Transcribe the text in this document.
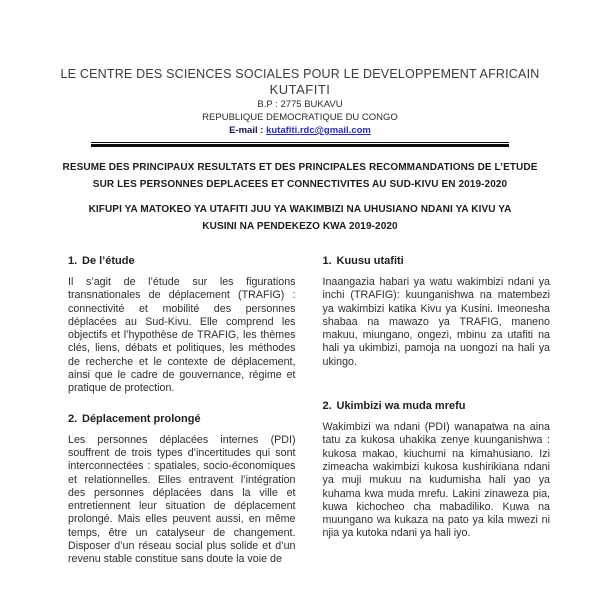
LE CENTRE DES SCIENCES SOCIALES POUR LE DEVELOPPEMENT AFRICAIN
KUTAFITI
B.P : 2775 BUKAVU
REPUBLIQUE DEMOCRATIQUE DU CONGO
E-mail : kutafiti.rdc@gmail.com
RESUME DES PRINCIPAUX RESULTATS ET DES PRINCIPALES RECOMMANDATIONS DE L’ETUDE
SUR LES PERSONNES DEPLACEES ET CONNECTIVITES AU SUD-KIVU EN 2019-2020
KIFUPI YA MATOKEO YA UTAFITI JUU YA WAKIMBIZI NA UHUSIANO NDANI YA KIVU YA
KUSINI NA PENDEKEZO KWA 2019-2020
1. De l’étude

Il s’agit de l’étude sur les figurations transnationales de déplacement (TRAFIG) : connectivité et mobilité des personnes déplacées au Sud-Kivu. Elle comprend les objectifs et l’hypothèse de TRAFIG, les thèmes clés, liens, débats et politiques, les méthodes de recherche et le contexte de déplacement, ainsi que le cadre de gouvernance, régime et pratique de protection.

2. Déplacement prolongé

Les personnes déplacées internes (PDI) souffrent de trois types d’incertitudes qui sont interconnectées : spatiales, socio-économiques et relationnelles. Elles entravent l’intégration des personnes déplacées dans la ville et entretiennent leur situation de déplacement prolongé. Mais elles peuvent aussi, en même temps, être un catalyseur de changement. Disposer d’un réseau social plus solide et d’un revenu stable constitue sans doute la voie de

1. Kuusu utafiti

Inaangazia habari ya watu wakimbizi ndani ya inchi (TRAFIG): kuunganishwa na matembezi ya wakimbizi katika Kivu ya Kusini. Imeonesha shabaa na mawazo ya TRAFIG, maneno makuu, miungano, ongezi, mbinu za utafiti na hali ya ukimbizi, pamoja na uongozi na hali ya ukingo.

2. Ukimbizi wa muda mrefu

Wakimbizi wa ndani (PDI) wanapatwa na aina tatu za kukosa uhakika zenye kuunganishwa : kukosa makao, kiuchumi na kimahusiano. Izi zimeacha wakimbizi kukosa kushirikiana ndani ya muji mukuu na kudumisha hali yao ya kuhama kwa muda mrefu. Lakini zinaweza pia, kuwa kichocheo cha mabadiliko. Kuwa na muungano wa kukaza na pato ya kila mwezi ni njia ya kutoka ndani ya hali iyo.
